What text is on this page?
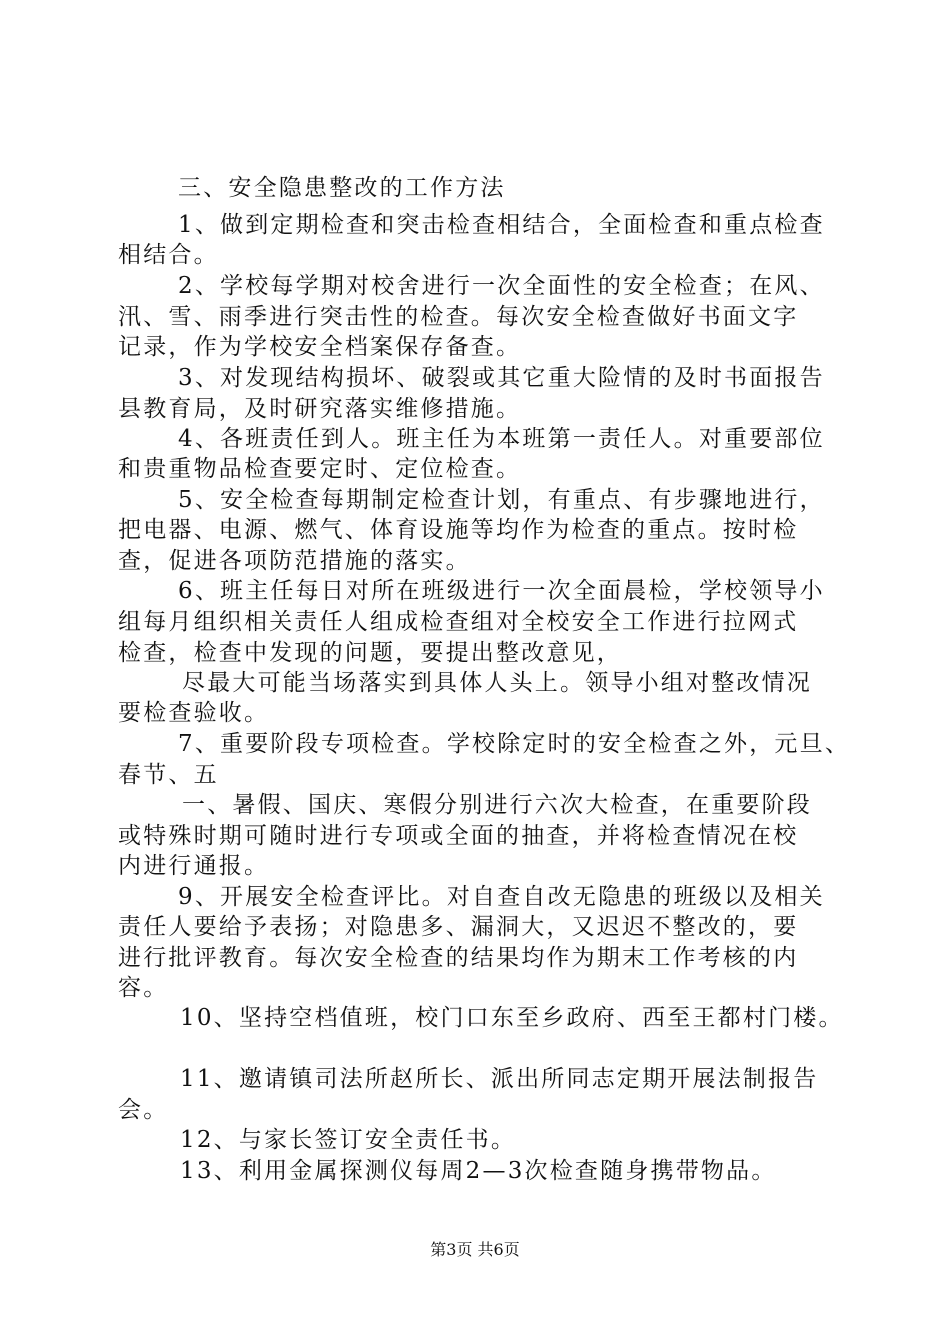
三、安全隐患整改的工作方法
1、做到定期检查和突击检查相结合，全面检查和重点检查
相结合。
2、学校每学期对校舍进行一次全面性的安全检查；在风、
汛、雪、雨季进行突击性的检查。每次安全检查做好书面文字
记录，作为学校安全档案保存备查。
3、对发现结构损坏、破裂或其它重大险情的及时书面报告
县教育局，及时研究落实维修措施。
4、各班责任到人。班主任为本班第一责任人。对重要部位
和贵重物品检查要定时、定位检查。
5、安全检查每期制定检查计划，有重点、有步骤地进行，
把电器、电源、燃气、体育设施等均作为检查的重点。按时检
查，促进各项防范措施的落实。
6、班主任每日对所在班级进行一次全面晨检，学校领导小
组每月组织相关责任人组成检查组对全校安全工作进行拉网式
检查，检查中发现的问题，要提出整改意见，
尽最大可能当场落实到具体人头上。领导小组对整改情况
要检查验收。
7、重要阶段专项检查。学校除定时的安全检查之外，元旦、
春节、五
一、暑假、国庆、寒假分别进行六次大检查，在重要阶段
或特殊时期可随时进行专项或全面的抽查，并将检查情况在校
内进行通报。
9、开展安全检查评比。对自查自改无隐患的班级以及相关
责任人要给予表扬；对隐患多、漏洞大，又迟迟不整改的，要
进行批评教育。每次安全检查的结果均作为期末工作考核的内
容。
10、坚持空档值班，校门口东至乡政府、西至王都村门楼。
11、邀请镇司法所赵所长、派出所同志定期开展法制报告
会。
12、与家长签订安全责任书。
13、利用金属探测仪每周2—3次检查随身携带物品。
第3页 共6页
